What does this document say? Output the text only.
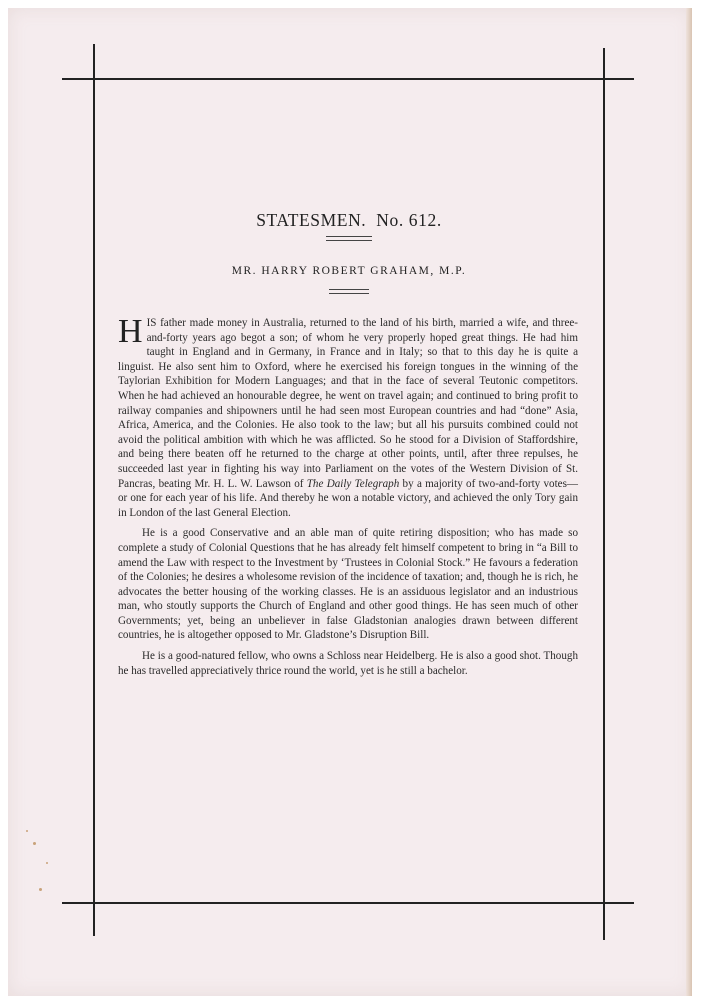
STATESMEN.  No. 612.
MR. HARRY ROBERT GRAHAM, M.P.

HIS father made money in Australia, returned to the land of his birth, married a wife, and three-and-forty years ago begot a son; of whom he very properly hoped great things. He had him taught in England and in Germany, in France and in Italy; so that to this day he is quite a linguist. He also sent him to Oxford, where he exercised his foreign tongues in the winning of the Taylorian Exhibition for Modern Languages; and that in the face of several Teutonic competitors. When he had achieved an honourable degree, he went on travel again; and continued to bring profit to railway companies and shipowners until he had seen most European countries and had “done” Asia, Africa, America, and the Colonies. He also took to the law; but all his pursuits combined could not avoid the political ambition with which he was afflicted. So he stood for a Division of Staffordshire, and being there beaten off he returned to the charge at other points, until, after three repulses, he succeeded last year in fighting his way into Parliament on the votes of the Western Division of St. Pancras, beating Mr. H. L. W. Lawson of The Daily Telegraph by a majority of two-and-forty votes—or one for each year of his life. And thereby he won a notable victory, and achieved the only Tory gain in London of the last General Election.

He is a good Conservative and an able man of quite retiring disposition; who has made so complete a study of Colonial Questions that he has already felt himself competent to bring in “a Bill to amend the Law with respect to the Investment by ‘Trustees in Colonial Stock.” He favours a federation of the Colonies; he desires a wholesome revision of the incidence of taxation; and, though he is rich, he advocates the better housing of the working classes. He is an assiduous legislator and an industrious man, who stoutly supports the Church of England and other good things. He has seen much of other Governments; yet, being an unbeliever in false Gladstonian analogies drawn between different countries, he is altogether opposed to Mr. Gladstone’s Disruption Bill.

He is a good-natured fellow, who owns a Schloss near Heidelberg. He is also a good shot. Though he has travelled appreciatively thrice round the world, yet is he still a bachelor.
